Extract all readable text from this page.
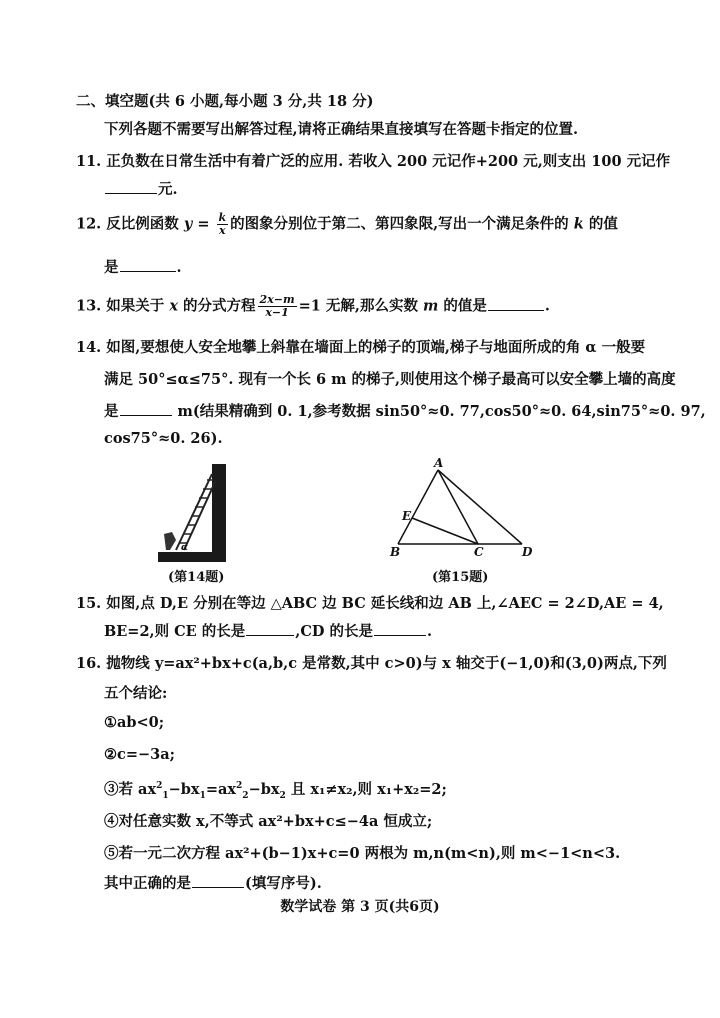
二、填空题(共 6 小题,每小题 3 分,共 18 分)
下列各题不需要写出解答过程,请将正确结果直接填写在答题卡指定的位置.
11. 正负数在日常生活中有着广泛的应用. 若收入 200 元记作+200 元,则支出 100 元记作
元.
12. 反比例函数 $y = \frac{k}{x}$ 的图象分别位于第二、第四象限,写出一个满足条件的 k 的值
是	.
13. 如果关于 x 的分式方程 $\frac{2x-m}{x-1} =1$ 无解,那么实数 m 的值是	.
14. 如图,要想使人安全地攀上斜靠在墙面上的梯子的顶端,梯子与地面所成的角 α 一般要
满足 50°≤α≤75°. 现有一个长 6 m 的梯子,则使用这个梯子最高可以安全攀上墙的高度
是	m(结果精确到 0. 1,参考数据 sin50°≈0. 77,cos50°≈0. 64,sin75°≈0. 97,
cos75°≈0. 26).
α
(第14题)
A
E
B	C	D
(第15题)
15. 如图,点 D,E 分别在等边 △ABC 边 BC 延长线和边 AB 上,∠AEC = 2∠D,AE = 4,
BE=2,则 CE 的长是	,CD 的长是	.
16. 抛物线 y=ax²+bx+c(a,b,c 是常数,其中 c>0)与 x 轴交于(−1,0)和(3,0)两点,下列
五个结论:
①ab<0;
②c=−3a;
③若 $ax^2_1-bx_1=ax^2_2-bx_2$ 且 x₁≠x₂,则 x₁+x₂=2;
④对任意实数 x,不等式 ax²+bx+c≤−4a 恒成立;
⑤若一元二次方程 ax²+(b−1)x+c=0 两根为 m,n(m<n),则 m<−1<n<3.
其中正确的是	(填写序号).
数学试卷 第 3 页(共6页)
